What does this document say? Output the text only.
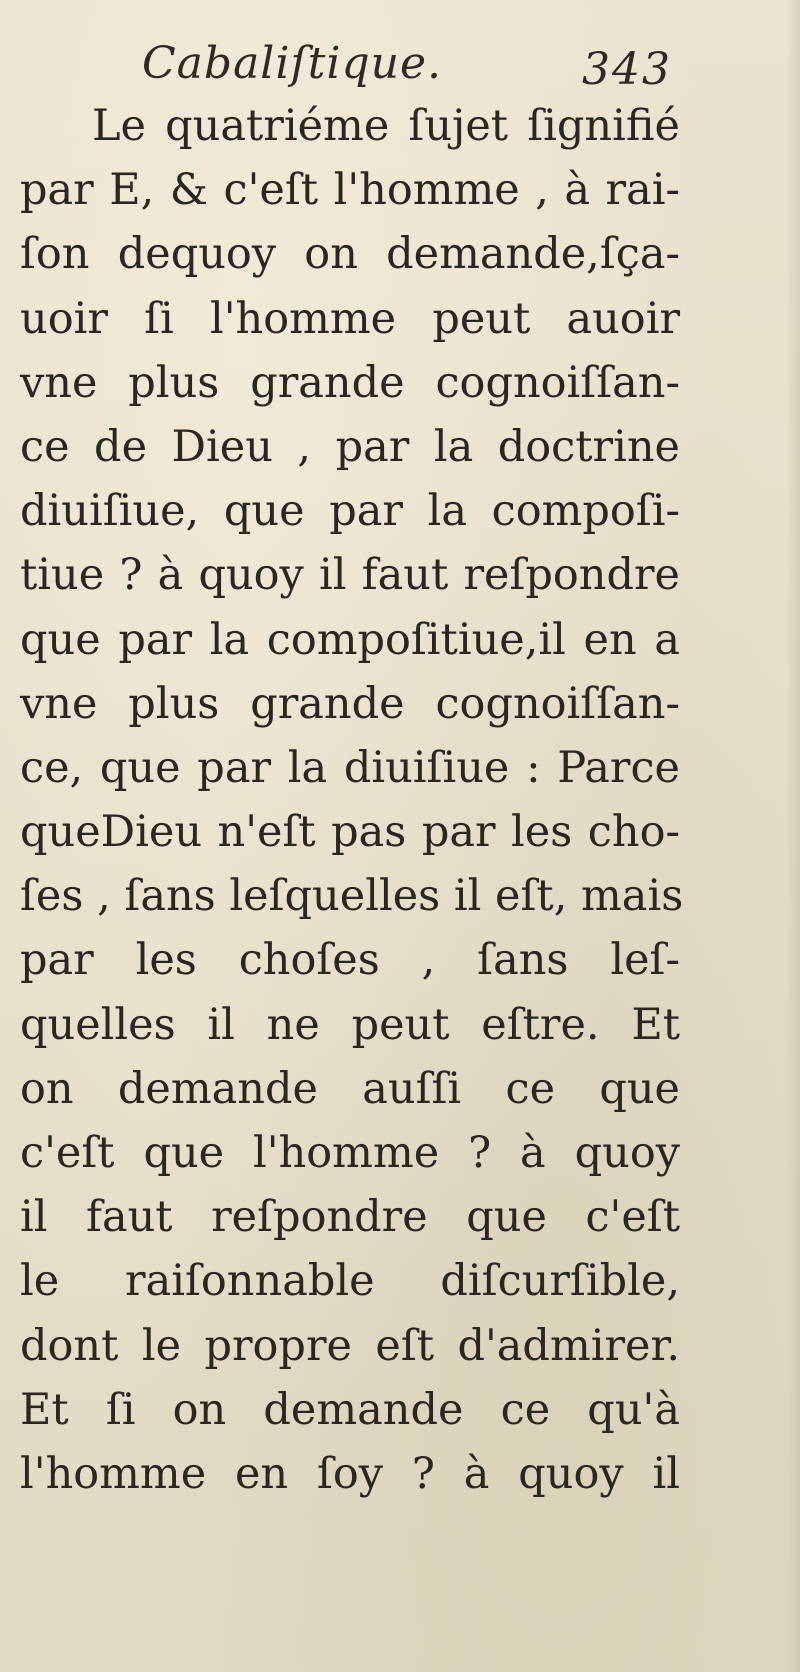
Cabaliſtique.	343
Le quatriéme ſujet ſignifié
par E, & c'eſt l'homme , à rai-
ſon dequoy on demande,ſça-
uoir ſi l'homme peut auoir
vne plus grande cognoiſſan-
ce de Dieu , par la doctrine
diuiſiue, que par la compoſi-
tiue ? à quoy il faut reſpondre
que par la compoſitiue,il en a
vne plus grande cognoiſſan-
ce, que par la diuiſiue : Parce
queDieu n'eſt pas par les cho-
ſes , ſans leſquelles il eſt, mais
par les choſes , ſans leſ-
quelles il ne peut eſtre. Et
on demande auſſi ce que
c'eſt que l'homme ? à quoy
il faut reſpondre que c'eſt
le raiſonnable diſcurſible,
dont le propre eſt d'admirer.
Et ſi on demande ce qu'à
l'homme en ſoy ? à quoy il
